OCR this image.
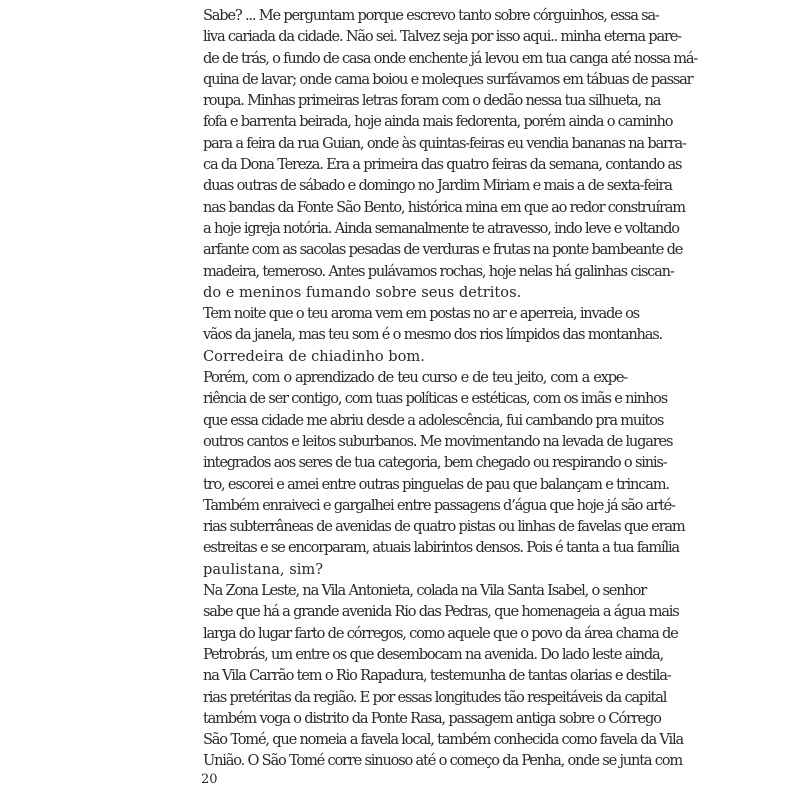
Sabe? ... Me perguntam porque escrevo tanto sobre córguinhos, essa sa-
liva cariada da cidade. Não sei. Talvez seja por isso aqui.. minha eterna pare-
de de trás, o fundo de casa onde enchente já levou em tua canga até nossa má-
quina de lavar; onde cama boiou e moleques surfávamos em tábuas de passar
roupa. Minhas primeiras letras foram com o dedão nessa tua silhueta, na
fofa e barrenta beirada, hoje ainda mais fedorenta, porém ainda o caminho
para a feira da rua Guian, onde às quintas-feiras eu vendia bananas na barra-
ca da Dona Tereza. Era a primeira das quatro feiras da semana, contando as
duas outras de sábado e domingo no Jardim Miriam e mais a de sexta-feira
nas bandas da Fonte São Bento, histórica mina em que ao redor construíram
a hoje igreja notória. Ainda semanalmente te atravesso, indo leve e voltando
arfante com as sacolas pesadas de verduras e frutas na ponte bambeante de
madeira, temeroso. Antes pulávamos rochas, hoje nelas há galinhas ciscan-
do e meninos fumando sobre seus detritos.
Tem noite que o teu aroma vem em postas no ar e aperreia, invade os
vãos da janela, mas teu som é o mesmo dos rios límpidos das montanhas.
Corredeira de chiadinho bom.
Porém, com o aprendizado de teu curso e de teu jeito, com a expe-
riência de ser contigo, com tuas políticas e estéticas, com os imãs e ninhos
que essa cidade me abriu desde a adolescência, fui cambando pra muitos
outros cantos e leitos suburbanos. Me movimentando na levada de lugares
integrados aos seres de tua categoria, bem chegado ou respirando o sinis-
tro, escorei e amei entre outras pinguelas de pau que balançam e trincam.
Também enraiveci e gargalhei entre passagens d’água que hoje já são arté-
rias subterrâneas de avenidas de quatro pistas ou linhas de favelas que eram
estreitas e se encorparam, atuais labirintos densos. Pois é tanta a tua família
paulistana, sim?
Na Zona Leste, na Vila Antonieta, colada na Vila Santa Isabel, o senhor
sabe que há a grande avenida Rio das Pedras, que homenageia a água mais
larga do lugar farto de córregos, como aquele que o povo da área chama de
Petrobrás, um entre os que desembocam na avenida. Do lado leste ainda,
na Vila Carrão tem o Rio Rapadura, testemunha de tantas olarias e destila-
rias pretéritas da região. E por essas longitudes tão respeitáveis da capital
também voga o distrito da Ponte Rasa, passagem antiga sobre o Córrego
São Tomé, que nomeia a favela local, também conhecida como favela da Vila
União. O São Tomé corre sinuoso até o começo da Penha, onde se junta com
20
